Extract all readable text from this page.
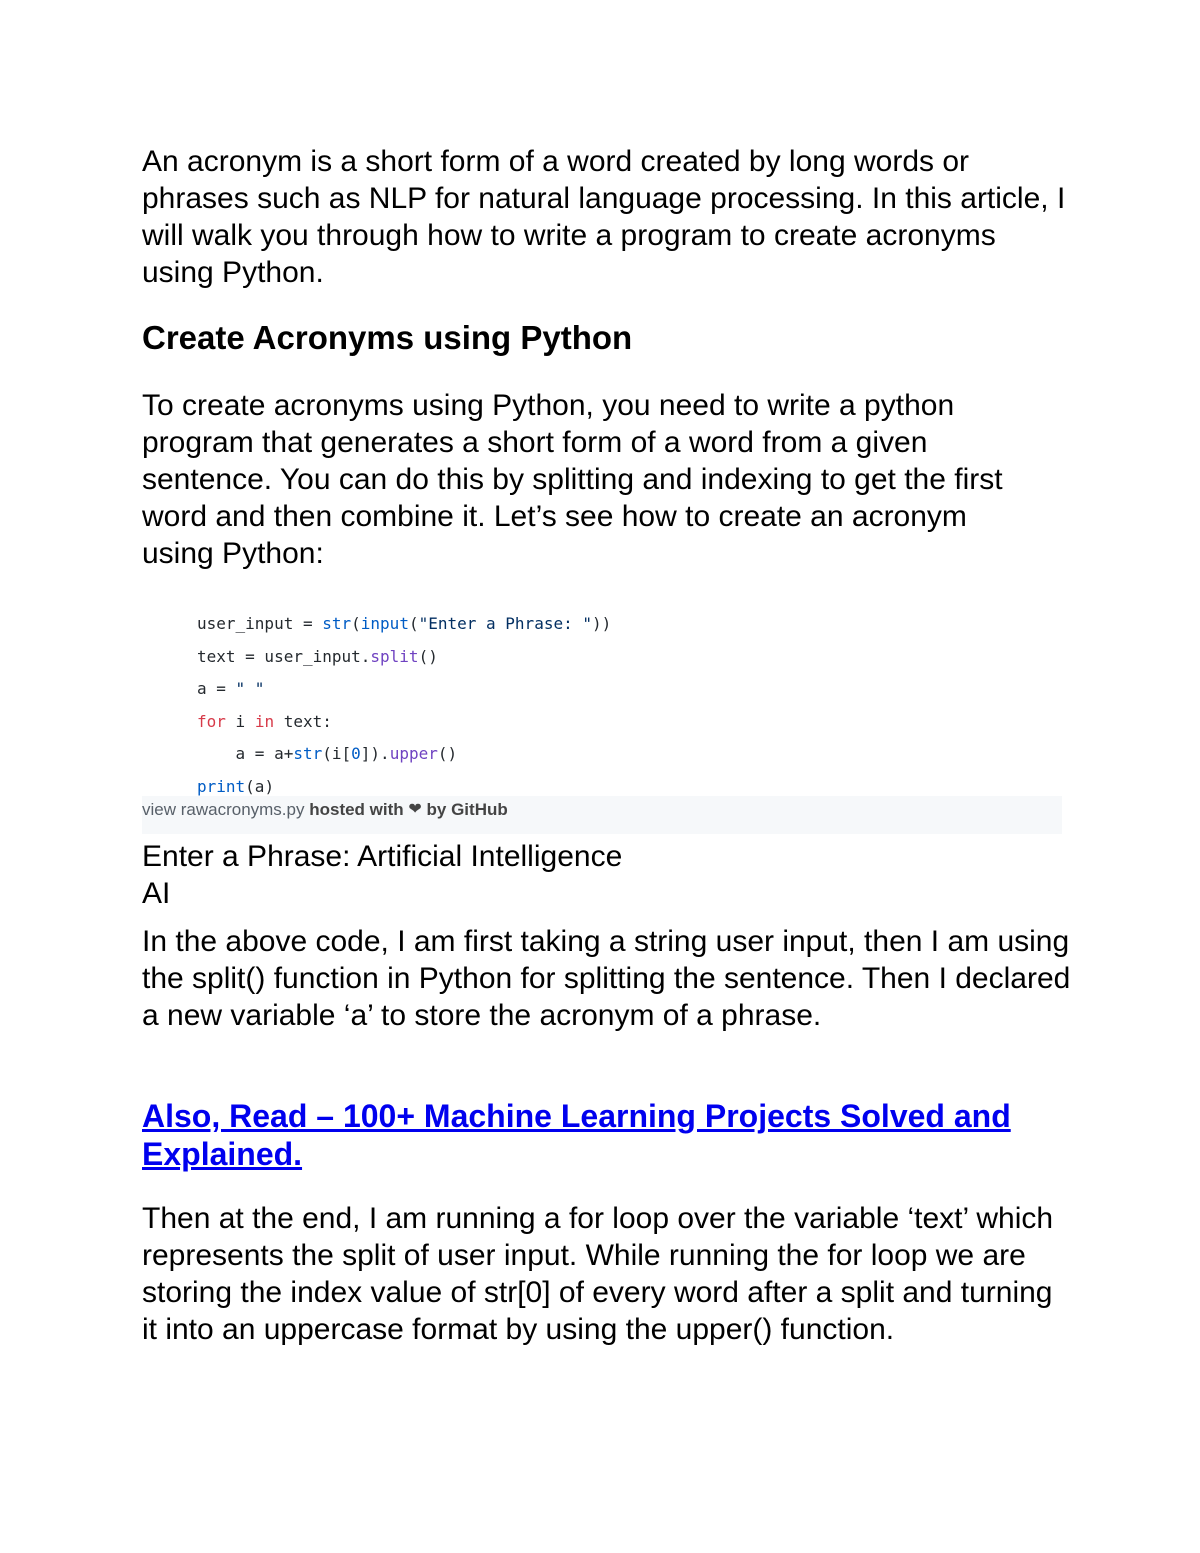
An acronym is a short form of a word created by long words or phrases such as NLP for natural language processing. In this article, I will walk you through how to write a program to create acronyms using Python.

Create Acronyms using Python

To create acronyms using Python, you need to write a python program that generates a short form of a word from a given sentence. You can do this by splitting and indexing to get the first word and then combine it. Let’s see how to create an acronym using Python:

user_input = str(input("Enter a Phrase: "))
text = user_input.split()
a = " "
for i in text:
a = a+str(i[0]).upper()
print(a)
view rawacronyms.py hosted with ❤ by GitHub
Enter a Phrase: Artificial Intelligence
AI

In the above code, I am first taking a string user input, then I am using the split() function in Python for splitting the sentence. Then I declared a new variable ‘a’ to store the acronym of a phrase.

Also, Read – 100+ Machine Learning Projects Solved and Explained.

Then at the end, I am running a for loop over the variable ‘text’ which represents the split of user input. While running the for loop we are storing the index value of str[0] of every word after a split and turning it into an uppercase format by using the upper() function.
